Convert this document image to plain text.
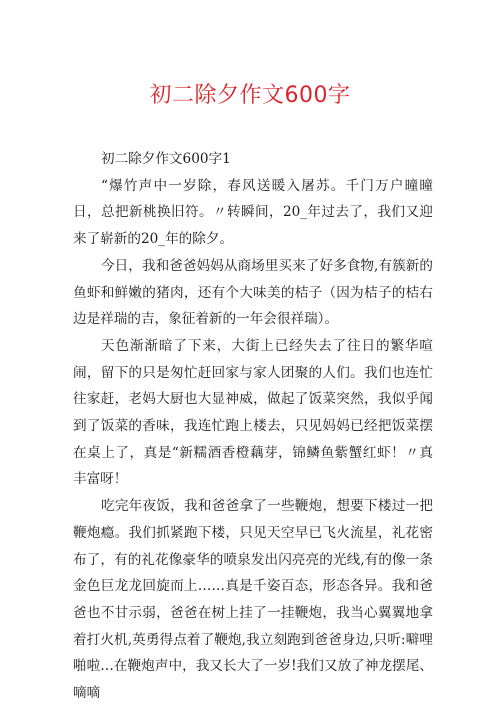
初二除夕作文600字

初二除夕作文600字1

“爆竹声中一岁除，春风送暖入屠苏。千门万户曈曈日，总把新桃换旧符。〃转瞬间，20_年过去了，我们又迎来了崭新的20_年的除夕。

今日，我和爸爸妈妈从商场里买来了好多食物,有簇新的鱼虾和鲜嫩的猪肉，还有个大味美的桔子（因为桔子的桔右边是祥瑞的吉，象征着新的一年会很祥瑞）。

天色渐渐暗了下来，大街上已经失去了往日的繁华喧闹，留下的只是匆忙赶回家与家人团聚的人们。我们也连忙往家赶，老妈大厨也大显神威，做起了饭菜突然，我似乎闻到了饭菜的香味，我连忙跑上楼去，只见妈妈已经把饭菜摆在桌上了，真是“新糯酒香橙藕芽，锦鳞鱼紫蟹红虾！〃真丰富呀！

吃完年夜饭，我和爸爸拿了一些鞭炮，想要下楼过一把鞭炮瘾。我们抓紧跑下楼，只见天空早已飞火流星，礼花密布了，有的礼花像豪华的喷泉发出闪亮亮的光线,有的像一条金色巨龙龙回旋而上……真是千姿百态，形态各异。我和爸爸也不甘示弱，爸爸在树上挂了一挂鞭炮，我当心翼翼地拿着打火机,英勇得点着了鞭炮,我立刻跑到爸爸身边,只听:噼哩啪啦…在鞭炮声中，我又长大了一岁!我们又放了神龙摆尾、嘀嘀
